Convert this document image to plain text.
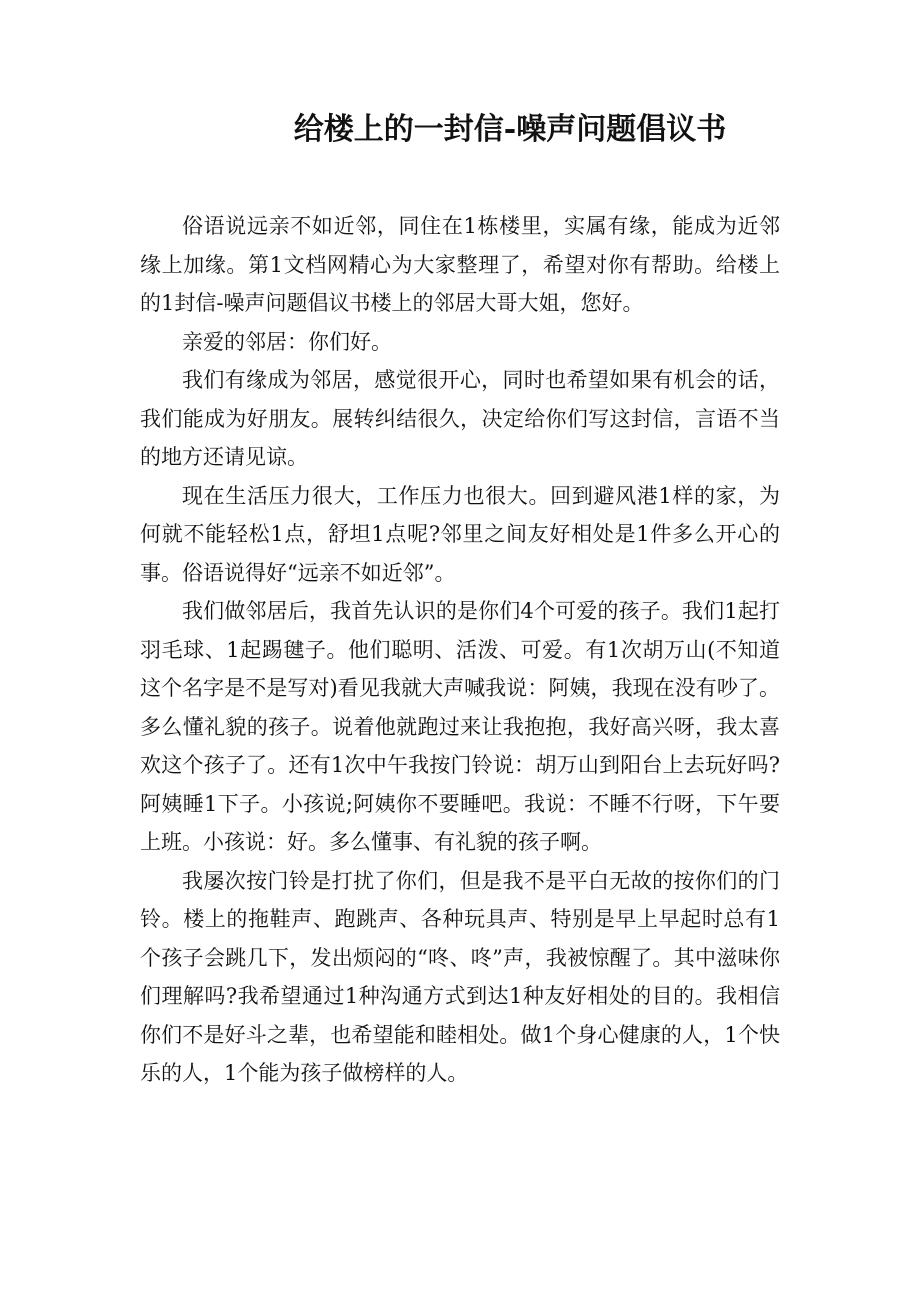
给楼上的一封信-噪声问题倡议书

俗语说远亲不如近邻，同住在1栋楼里，实属有缘，能成为近邻缘上加缘。第1文档网精心为大家整理了，希望对你有帮助。给楼上的1封信-噪声问题倡议书楼上的邻居大哥大姐，您好。

亲爱的邻居：你们好。

我们有缘成为邻居，感觉很开心，同时也希望如果有机会的话，我们能成为好朋友。展转纠结很久，决定给你们写这封信，言语不当的地方还请见谅。

现在生活压力很大，工作压力也很大。回到避风港1样的家，为何就不能轻松1点，舒坦1点呢?邻里之间友好相处是1件多么开心的事。俗语说得好“远亲不如近邻”。

我们做邻居后，我首先认识的是你们4个可爱的孩子。我们1起打羽毛球、1起踢毽子。他们聪明、活泼、可爱。有1次胡万山(不知道这个名字是不是写对)看见我就大声喊我说：阿姨，我现在没有吵了。多么懂礼貌的孩子。说着他就跑过来让我抱抱，我好高兴呀，我太喜欢这个孩子了。还有1次中午我按门铃说：胡万山到阳台上去玩好吗?阿姨睡1下子。小孩说;阿姨你不要睡吧。我说：不睡不行呀，下午要上班。小孩说：好。多么懂事、有礼貌的孩子啊。

我屡次按门铃是打扰了你们，但是我不是平白无故的按你们的门铃。楼上的拖鞋声、跑跳声、各种玩具声、特别是早上早起时总有1个孩子会跳几下，发出烦闷的“咚、咚”声，我被惊醒了。其中滋味你们理解吗?我希望通过1种沟通方式到达1种友好相处的目的。我相信你们不是好斗之辈，也希望能和睦相处。做1个身心健康的人，1个快乐的人，1个能为孩子做榜样的人。
